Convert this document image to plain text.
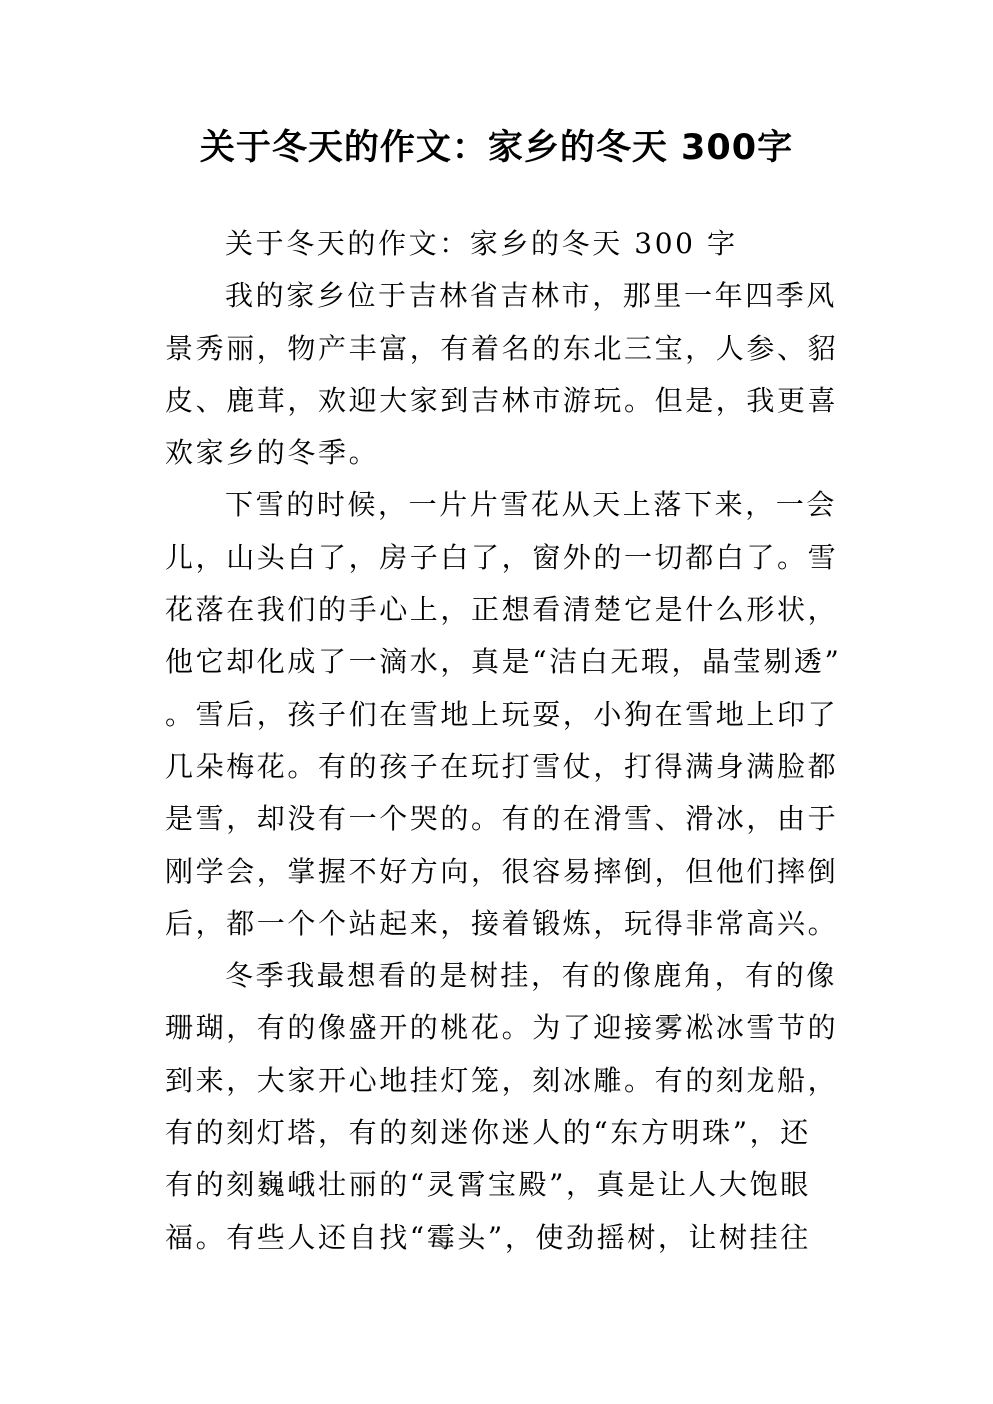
关于冬天的作文：家乡的冬天 300字
关于冬天的作文：家乡的冬天 300 字
我的家乡位于吉林省吉林市，那里一年四季风
景秀丽，物产丰富，有着名的东北三宝，人参、貂
皮、鹿茸，欢迎大家到吉林市游玩。但是，我更喜
欢家乡的冬季。
下雪的时候，一片片雪花从天上落下来，一会
儿，山头白了，房子白了，窗外的一切都白了。雪
花落在我们的手心上，正想看清楚它是什么形状，
他它却化成了一滴水，真是“洁白无瑕，晶莹剔透”
。雪后，孩子们在雪地上玩耍，小狗在雪地上印了
几朵梅花。有的孩子在玩打雪仗，打得满身满脸都
是雪，却没有一个哭的。有的在滑雪、滑冰，由于
刚学会，掌握不好方向，很容易摔倒，但他们摔倒
后，都一个个站起来，接着锻炼，玩得非常高兴。
冬季我最想看的是树挂，有的像鹿角，有的像
珊瑚，有的像盛开的桃花。为了迎接雾凇冰雪节的
到来，大家开心地挂灯笼，刻冰雕。有的刻龙船，
有的刻灯塔，有的刻迷你迷人的“东方明珠”，还
有的刻巍峨壮丽的“灵霄宝殿”，真是让人大饱眼
福。有些人还自找“霉头”，使劲摇树，让树挂往
